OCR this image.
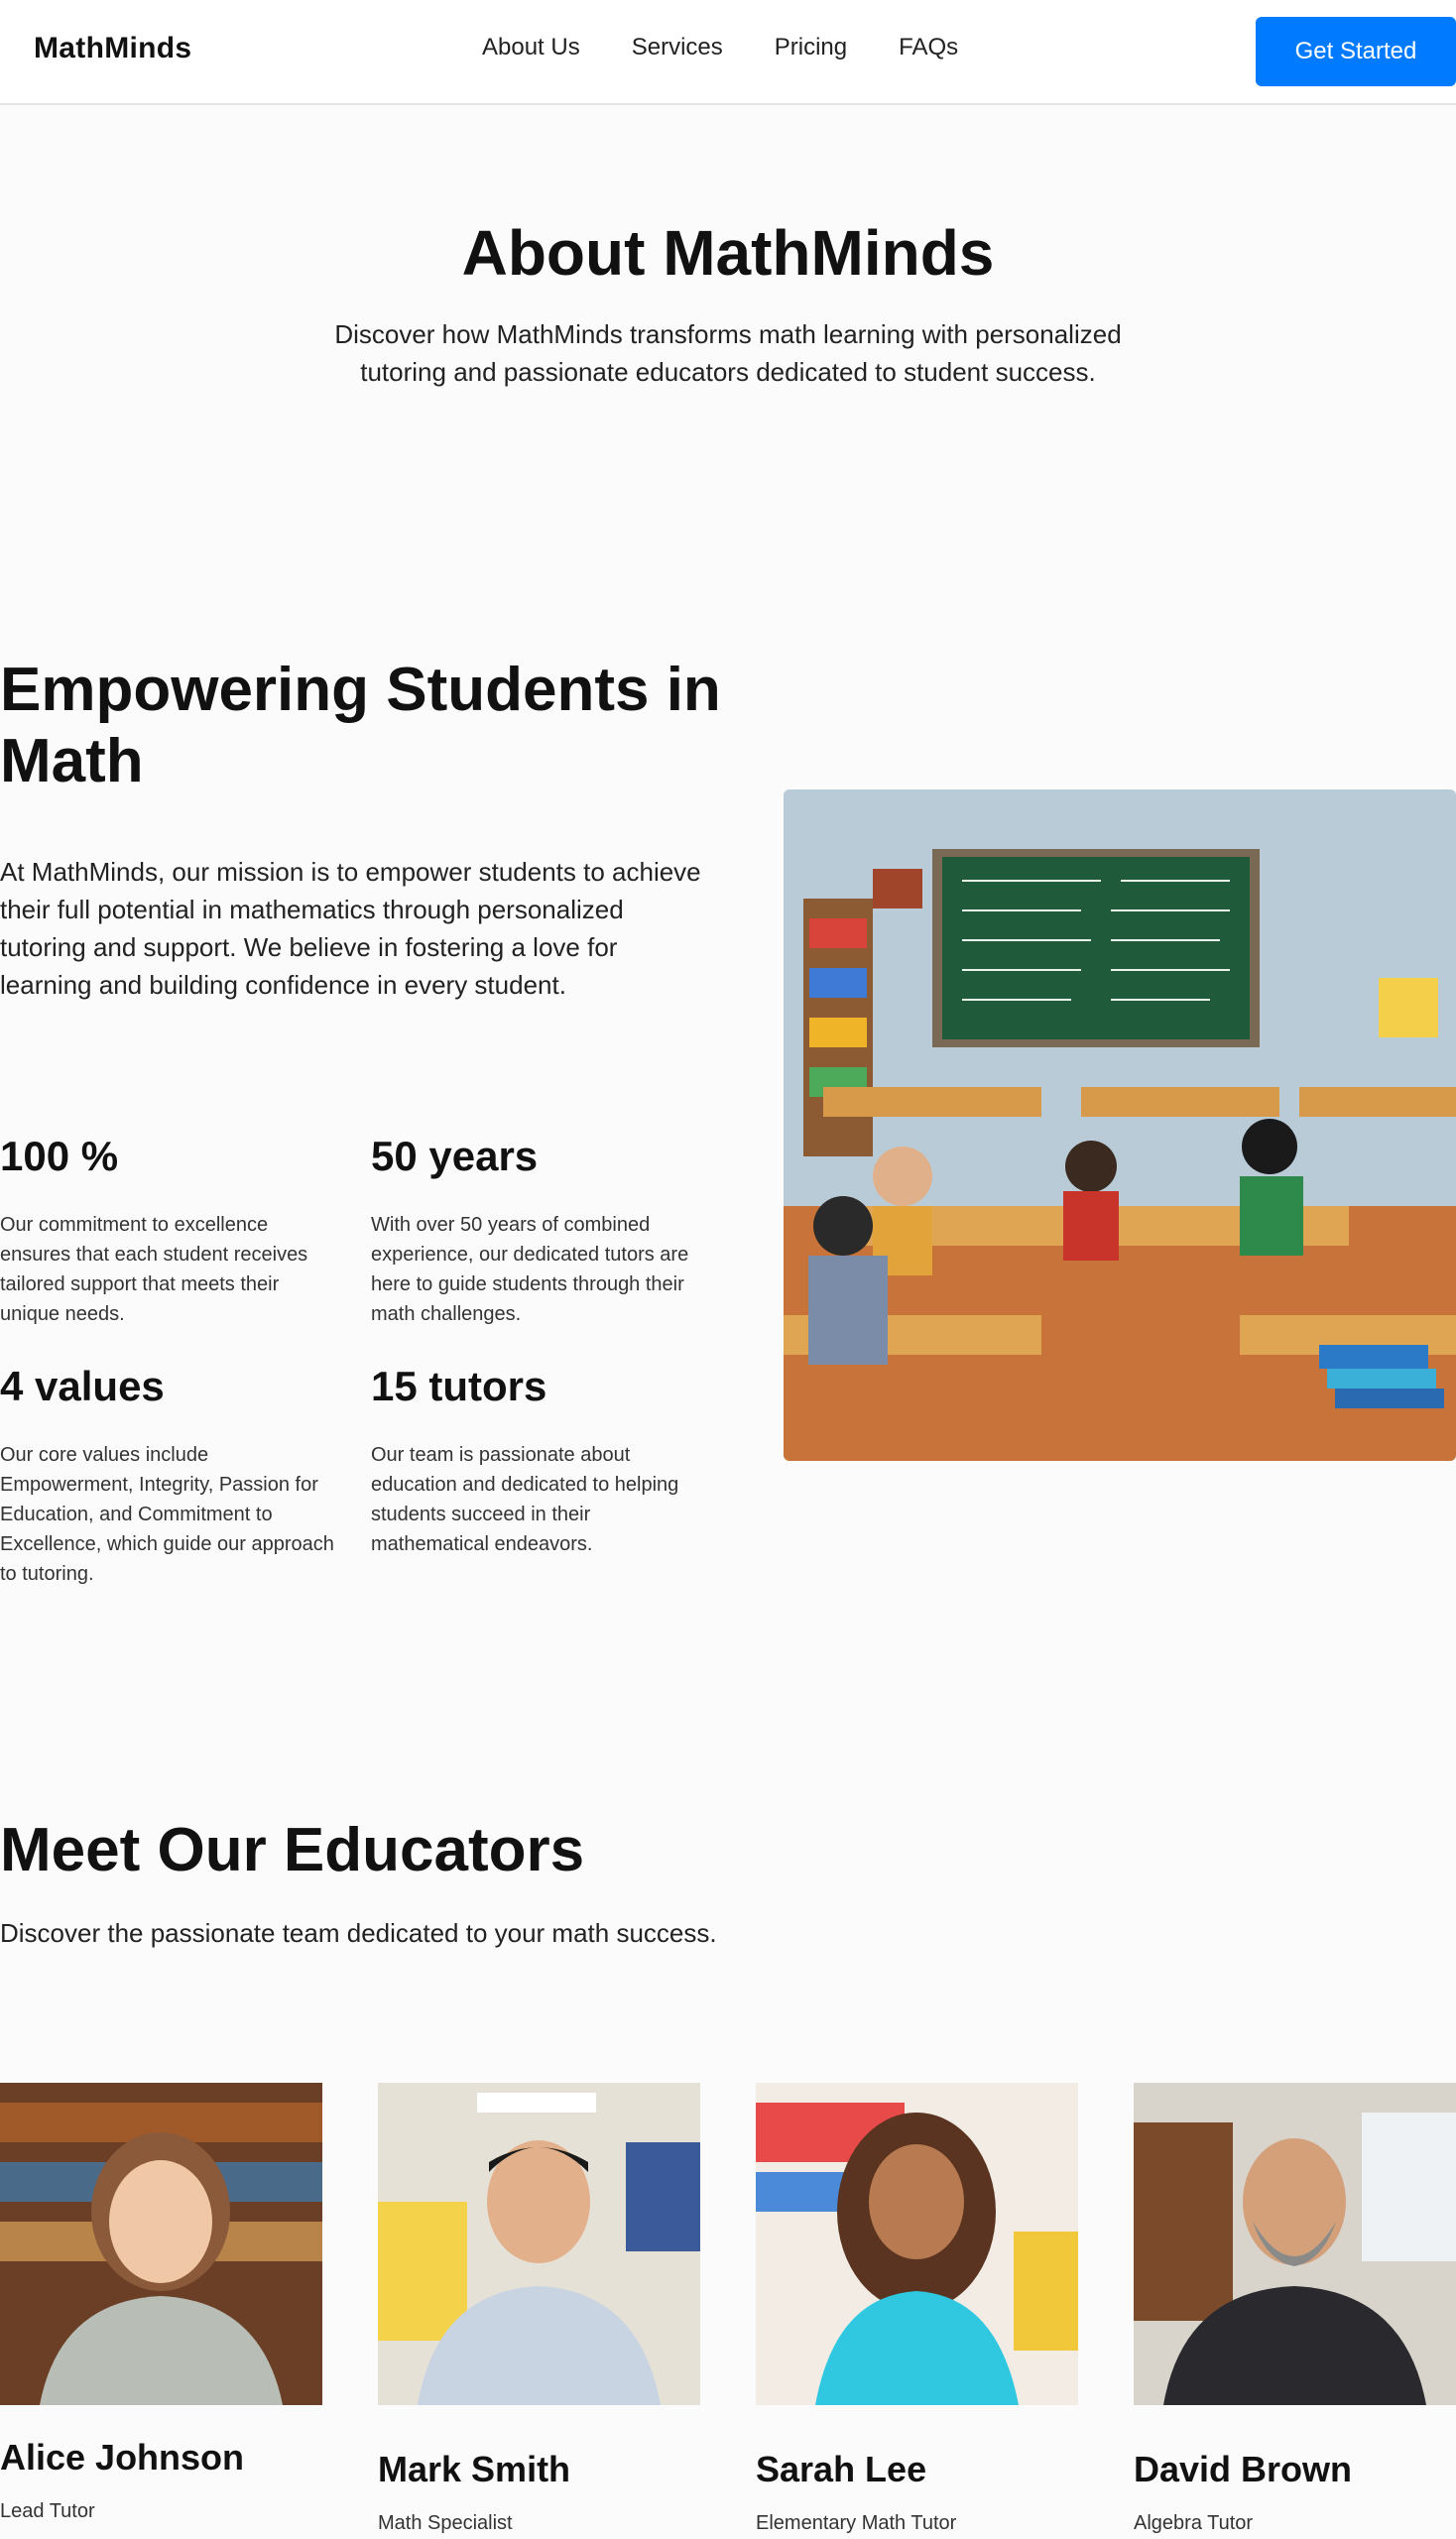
MathMinds	About Us Services Pricing FAQs	Get Started
About MathMinds
Discover how MathMinds transforms math learning with personalized tutoring and passionate educators dedicated to student success.
Empowering Students in Math
At MathMinds, our mission is to empower students to achieve their full potential in mathematics through personalized tutoring and support. We believe in fostering a love for learning and building confidence in every student.
100 %
Our commitment to excellence ensures that each student receives tailored support that meets their unique needs.
50 years
With over 50 years of combined experience, our dedicated tutors are here to guide students through their math challenges.
4 values
Our core values include Empowerment, Integrity, Passion for Education, and Commitment to Excellence, which guide our approach to tutoring.
15 tutors
Our team is passionate about education and dedicated to helping students succeed in their mathematical endeavors.
Meet Our Educators
Discover the passionate team dedicated to your math success.
Alice Johnson
Lead Tutor
Mark Smith
Math Specialist
Sarah Lee
Elementary Math Tutor
David Brown
Algebra Tutor
